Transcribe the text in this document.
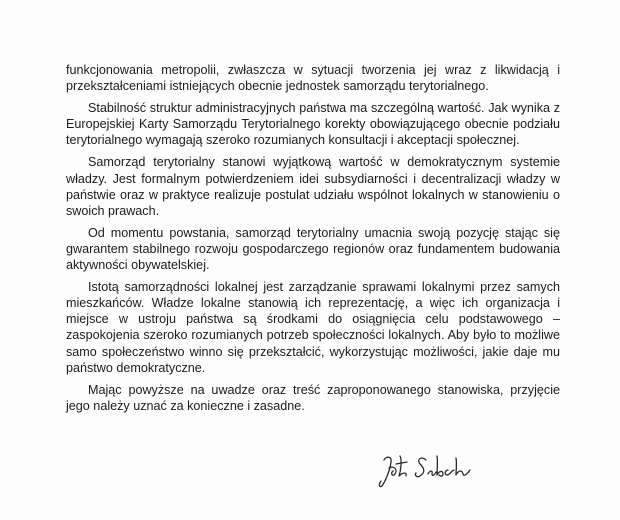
funkcjonowania metropolii, zwłaszcza w sytuacji tworzenia jej wraz z likwidacją i przekształceniami istniejących obecnie jednostek samorządu terytorialnego.

Stabilność struktur administracyjnych państwa ma szczególną wartość. Jak wynika z Europejskiej Karty Samorządu Terytorialnego korekty obowiązującego obecnie podziału terytorialnego wymagają szeroko rozumianych konsultacji i akceptacji społecznej.

Samorząd terytorialny stanowi wyjątkową wartość w demokratycznym systemie władzy. Jest formalnym potwierdzeniem idei subsydiarności i decentralizacji władzy w państwie oraz w praktyce realizuje postulat udziału wspólnot lokalnych w stanowieniu o swoich prawach.

Od momentu powstania, samorząd terytorialny umacnia swoją pozycję stając się gwarantem stabilnego rozwoju gospodarczego regionów oraz fundamentem budowania aktywności obywatelskiej.

Istotą samorządności lokalnej jest zarządzanie sprawami lokalnymi przez samych mieszkańców. Władze lokalne stanowią ich reprezentację, a więc ich organizacja i miejsce w ustroju państwa są środkami do osiągnięcia celu podstawowego – zaspokojenia szeroko rozumianych potrzeb społeczności lokalnych. Aby było to możliwe samo społeczeństwo winno się przekształcić, wykorzystując możliwości, jakie daje mu państwo demokratyczne.

Mając powyższe na uwadze oraz treść zaproponowanego stanowiska, przyjęcie jego należy uznać za konieczne i zasadne.
